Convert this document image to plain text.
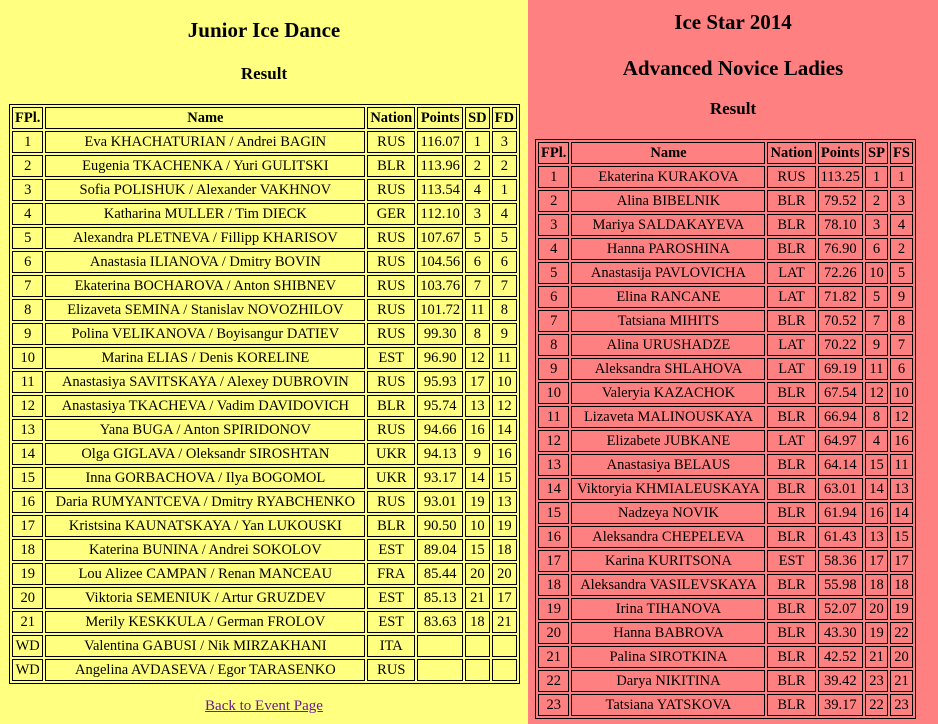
Junior Ice Dance
Result
FPl.	Name	Nation	Points	SD	FD
1	Eva KHACHATURIAN / Andrei BAGIN	RUS	116.07	1	3
2	Eugenia TKACHENKA / Yuri GULITSKI	BLR	113.96	2	2
3	Sofia POLISHUK / Alexander VAKHNOV	RUS	113.54	4	1
4	Katharina MULLER / Tim DIECK	GER	112.10	3	4
5	Alexandra PLETNEVA / Fillipp KHARISOV	RUS	107.67	5	5
6	Anastasia ILIANOVA / Dmitry BOVIN	RUS	104.56	6	6
7	Ekaterina BOCHAROVA / Anton SHIBNEV	RUS	103.76	7	7
8	Elizaveta SEMINA / Stanislav NOVOZHILOV	RUS	101.72	11	8
9	Polina VELIKANOVA / Boyisangur DATIEV	RUS	99.30	8	9
10	Marina ELIAS / Denis KORELINE	EST	96.90	12	11
11	Anastasiya SAVITSKAYA / Alexey DUBROVIN	RUS	95.93	17	10
12	Anastasiya TKACHEVA / Vadim DAVIDOVICH	BLR	95.74	13	12
13	Yana BUGA / Anton SPIRIDONOV	RUS	94.66	16	14
14	Olga GIGLAVA / Oleksandr SIROSHTAN	UKR	94.13	9	16
15	Inna GORBACHOVA / Ilya BOGOMOL	UKR	93.17	14	15
16	Daria RUMYANTCEVA / Dmitry RYABCHENKO	RUS	93.01	19	13
17	Kristsina KAUNATSKAYA / Yan LUKOUSKI	BLR	90.50	10	19
18	Katerina BUNINA / Andrei SOKOLOV	EST	89.04	15	18
19	Lou Alizee CAMPAN / Renan MANCEAU	FRA	85.44	20	20
20	Viktoria SEMENIUK / Artur GRUZDEV	EST	85.13	21	17
21	Merily KESKKULA / German FROLOV	EST	83.63	18	21
WD	Valentina GABUSI / Nik MIRZAKHANI	ITA			
WD	Angelina AVDASEVA / Egor TARASENKO	RUS			
Back to Event Page
Ice Star 2014
Advanced Novice Ladies
Result
FPl.	Name	Nation	Points	SP	FS
1	Ekaterina KURAKOVA	RUS	113.25	1	1
2	Alina BIBELNIK	BLR	79.52	2	3
3	Mariya SALDAKAYEVA	BLR	78.10	3	4
4	Hanna PAROSHINA	BLR	76.90	6	2
5	Anastasija PAVLOVICHA	LAT	72.26	10	5
6	Elina RANCANE	LAT	71.82	5	9
7	Tatsiana MIHITS	BLR	70.52	7	8
8	Alina URUSHADZE	LAT	70.22	9	7
9	Aleksandra SHLAHOVA	LAT	69.19	11	6
10	Valeryia KAZACHOK	BLR	67.54	12	10
11	Lizaveta MALINOUSKAYA	BLR	66.94	8	12
12	Elizabete JUBKANE	LAT	64.97	4	16
13	Anastasiya BELAUS	BLR	64.14	15	11
14	Viktoryia KHMIALEUSKAYA	BLR	63.01	14	13
15	Nadzeya NOVIK	BLR	61.94	16	14
16	Aleksandra CHEPELEVA	BLR	61.43	13	15
17	Karina KURITSONA	EST	58.36	17	17
18	Aleksandra VASILEVSKAYA	BLR	55.98	18	18
19	Irina TIHANOVA	BLR	52.07	20	19
20	Hanna BABROVA	BLR	43.30	19	22
21	Palina SIROTKINA	BLR	42.52	21	20
22	Darya NIKITINA	BLR	39.42	23	21
23	Tatsiana YATSKOVA	BLR	39.17	22	23
